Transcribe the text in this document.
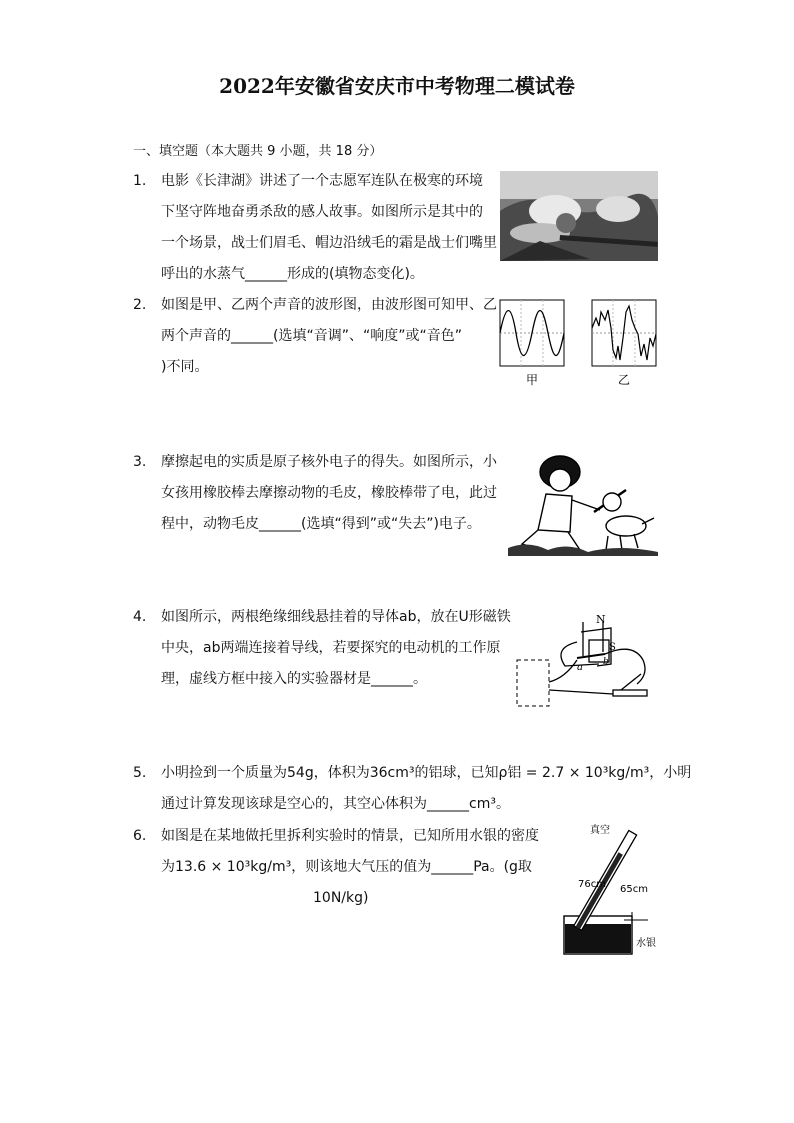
2022年安徽省安庆市中考物理二模试卷
一、填空题（本大题共 9 小题，共 18 分）
1.	电影《长津湖》讲述了一个志愿军连队在极寒的环境
下坚守阵地奋勇杀敌的感人故事。如图所示是其中的
一个场景，战士们眉毛、帽边沿绒毛的霜是战士们嘴里
呼出的水蒸气______形成的(填物态变化)。
2.	如图是甲、乙两个声音的波形图，由波形图可知甲、乙
两个声音的______(选填“音调”、“响度”或“音色”
)不同。
甲	乙
3.	摩擦起电的实质是原子核外电子的得失。如图所示，小
女孩用橡胶棒去摩擦动物的毛皮，橡胶棒带了电，此过
程中，动物毛皮______(选填“得到”或“失去”)电子。
4.	如图所示，两根绝缘细线悬挂着的导体ab，放在U形磁铁
中央，ab两端连接着导线，若要探究的电动机的工作原
理，虚线方框中接入的实验器材是______。
N
S
a b
5.	小明捡到一个质量为54g，体积为36cm³的铝球，已知ρ铝 = 2.7 × 10³kg/m³，小明
通过计算发现该球是空心的，其空心体积为______cm³。
6.	如图是在某地做托里拆利实验时的情景，已知所用水银的密度
为13.6 × 10³kg/m³，则该地大气压的值为______Pa。(g取
10N/kg)
真空
76cm 65cm
水银
